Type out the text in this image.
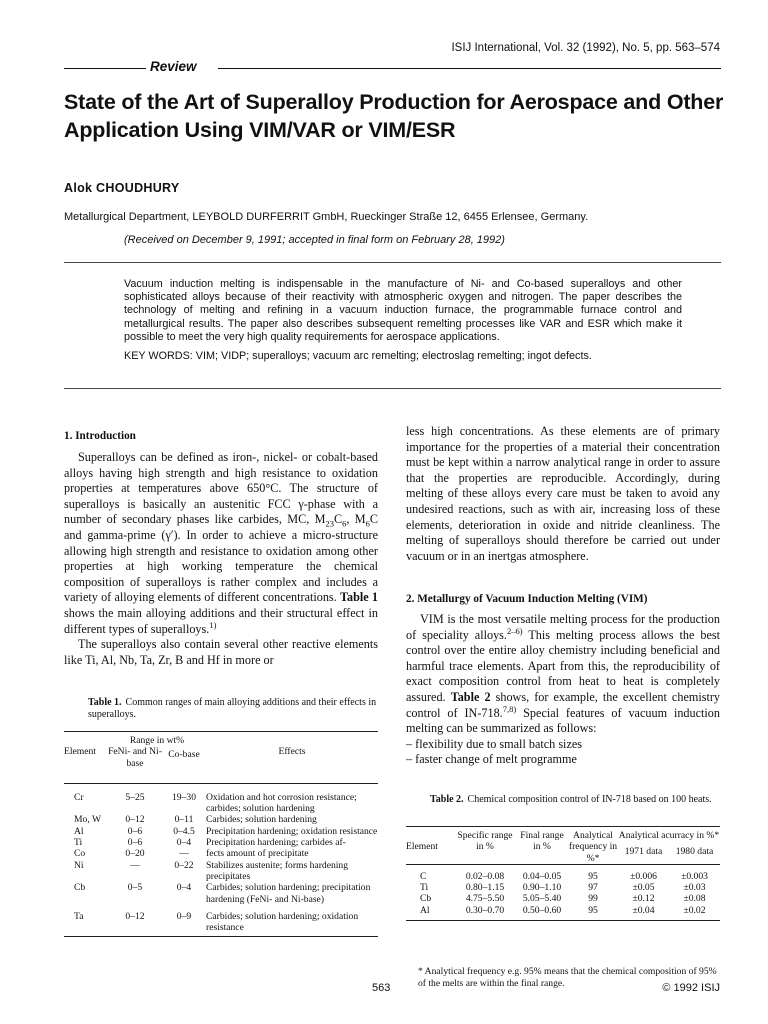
ISIJ International, Vol. 32 (1992), No. 5, pp. 563–574
Review
State of the Art of Superalloy Production for Aerospace and Other Application Using VIM/VAR or VIM/ESR
Alok CHOUDHURY
Metallurgical Department, LEYBOLD DURFERRIT GmbH, Rueckinger Straße 12, 6455 Erlensee, Germany.
(Received on December 9, 1991; accepted in final form on February 28, 1992)
Vacuum induction melting is indispensable in the manufacture of Ni- and Co-based superalloys and other sophisticated alloys because of their reactivity with atmospheric oxygen and nitrogen. The paper describes the technology of melting and refining in a vacuum induction furnace, the programmable furnace control and metallurgical results. The paper also describes subsequent remelting processes like VAR and ESR which make it possible to meet the very high quality requirements for aerospace applications.
KEY WORDS: VIM; VIDP; superalloys; vacuum arc remelting; electroslag remelting; ingot defects.
1. Introduction

Superalloys can be defined as iron-, nickel- or cobalt-based alloys having high strength and high resistance to oxidation properties at temperatures above 650°C. The structure of superalloys is basically an austenitic FCC γ-phase with a number of secondary phases like carbides, MC, $M_{23}C_6$, $M_6C$ and gamma-prime (γ′). In order to achieve a micro-structure allowing high strength and resistance to oxidation among other properties at high working temperature the chemical composition of superalloys is rather complex and includes a variety of alloying elements of different concentrations. Table 1 shows the main alloying additions and their structural effect in different types of superalloys.$^{1)}$

The superalloys also contain several other reactive elements like Ti, Al, Nb, Ta, Zr, B and Hf in more or

less high concentrations. As these elements are of primary importance for the properties of a material their concentration must be kept within a narrow analytical range in order to assure that the properties are reproducible. Accordingly, during melting of these alloys every care must be taken to avoid any undesired reactions, such as with air, increasing loss of these elements, deterioration in oxide and nitride cleanliness. The melting of superalloys should therefore be carried out under vacuum or in an inertgas atmosphere.

2. Metallurgy of Vacuum Induction Melting (VIM)

VIM is the most versatile melting process for the production of speciality alloys.$^{2-6)}$ This melting process allows the best control over the entire alloy chemistry including beneficial and harmful trace elements. Apart from this, the reproducibility of exact composition control from heat to heat is completely assured. Table 2 shows, for example, the excellent chemistry control of IN-718.$^{7,8)}$ Special features of vacuum induction melting can be summarized as follows:

– flexibility due to small batch sizes
– faster change of melt programme
Table 1. Common ranges of main alloying additions and their effects in superalloys.
Element	Range in wt%		Effects
	FeNi- and Ni-base	Co-base	

Cr	5–25	19–30	Oxidation and hot corrosion resistance; carbides; solution hardening
Mo, W	0–12	0–11	Carbides; solution hardening
Al	0–6	0–4.5	Precipitation hardening; oxidation resistance
Ti	0–6	0–4	Precipitation hardening; carbides af-
Co	0–20	—	fects amount of precipitate
Ni	—	0–22	Stabilizes austenite; forms hardening precipitates
Cb	0–5	0–4	Carbides; solution hardening; precipitation hardening (FeNi- and Ni-base)
Ta	0–12	0–9	Carbides; solution hardening; oxidation resistance
Table 2. Chemical composition control of IN-718 based on 100 heats.
Element	Specific range in %	Final range in %	Analytical frequency in %*	Analytical acurracy in %*	
				1971 data	1980 data

C	0.02–0.08	0.04–0.05	95	±0.006	±0.003
Ti	0.80–1.15	0.90–1.10	97	±0.05	±0.03
Cb	4.75–5.50	5.05–5.40	99	±0.12	±0.08
Al	0.30–0.70	0.50–0.60	95	±0.04	±0.02
* Analytical frequency e.g. 95% means that the chemical composition of 95% of the melts are within the final range.
563	© 1992 ISIJ
